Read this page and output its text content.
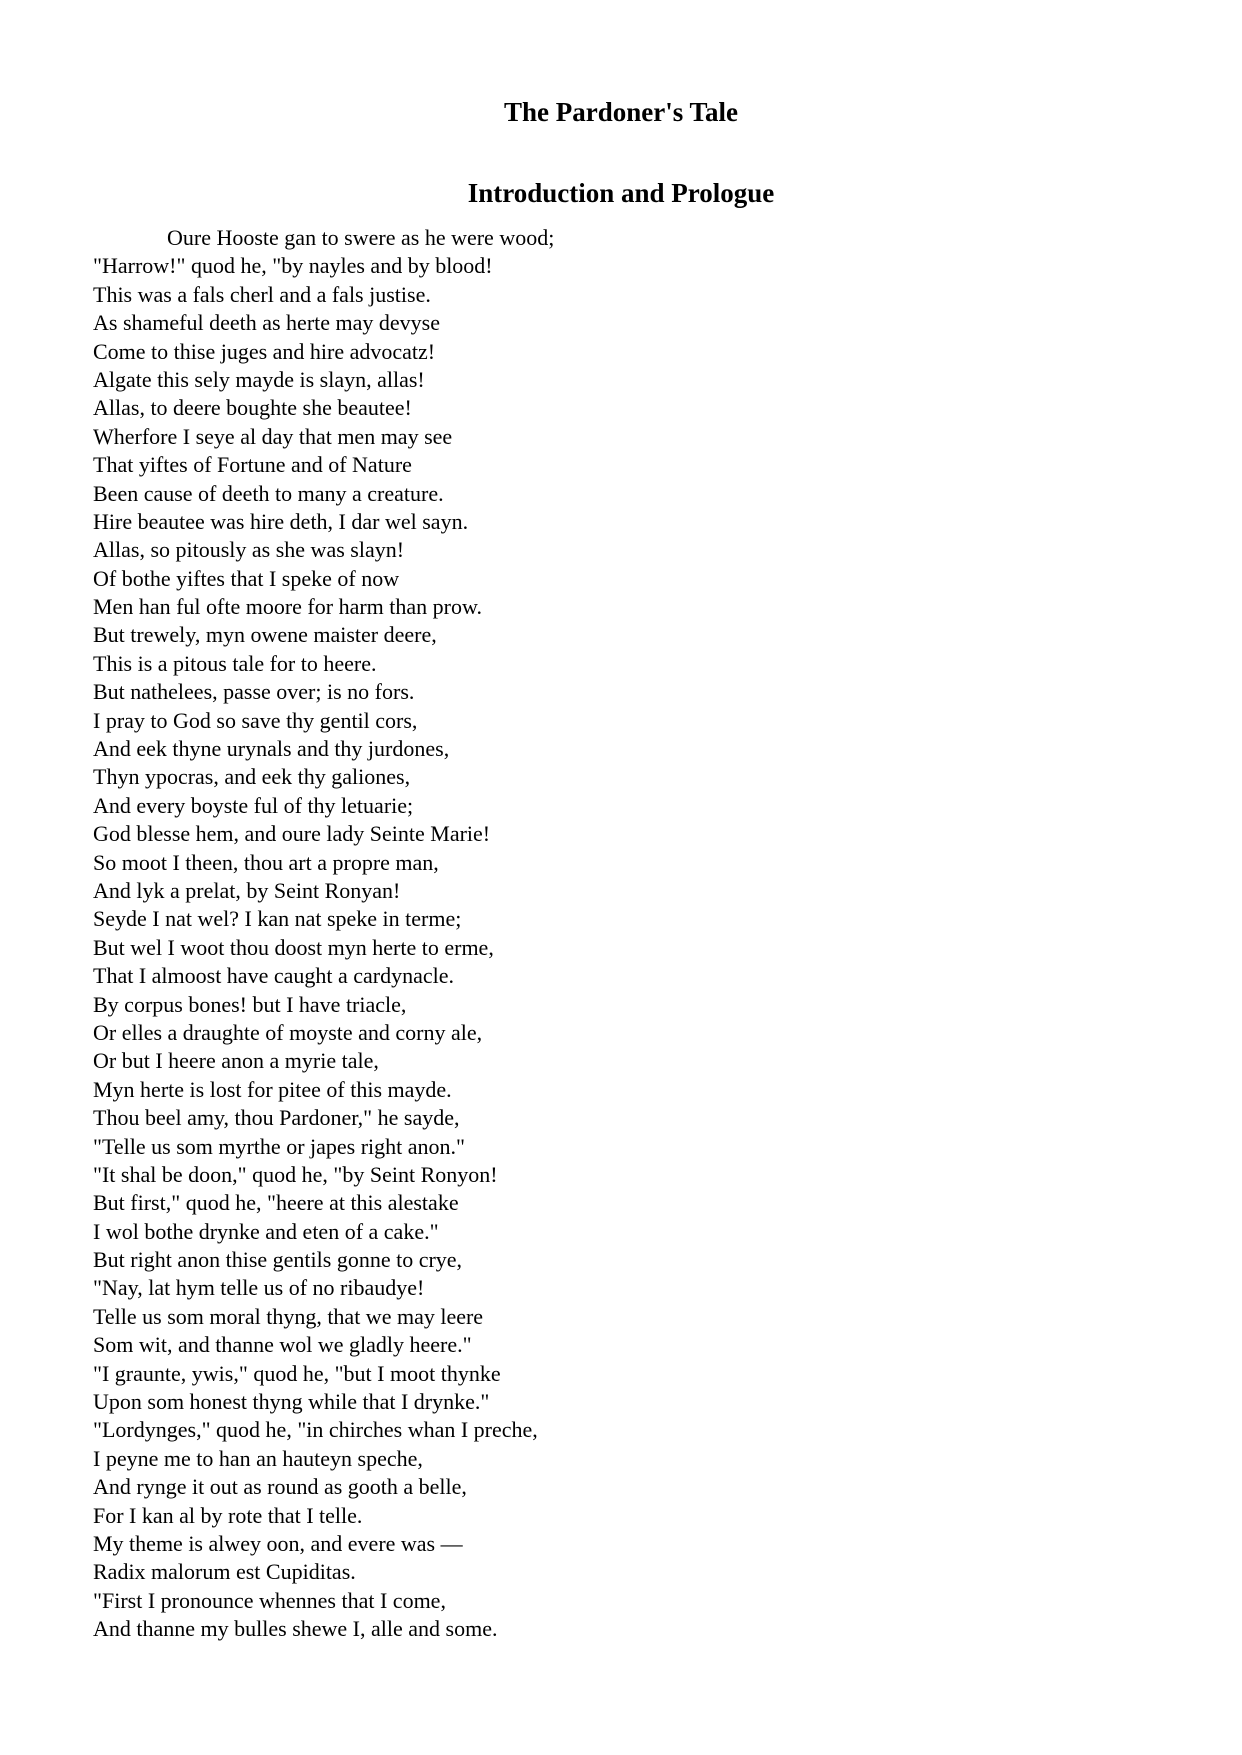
The Pardoner's Tale
Introduction and Prologue
Oure Hooste gan to swere as he were wood;
"Harrow!" quod he, "by nayles and by blood!
This was a fals cherl and a fals justise.
As shameful deeth as herte may devyse
Come to thise juges and hire advocatz!
Algate this sely mayde is slayn, allas!
Allas, to deere boughte she beautee!
Wherfore I seye al day that men may see
That yiftes of Fortune and of Nature
Been cause of deeth to many a creature.
Hire beautee was hire deth, I dar wel sayn.
Allas, so pitously as she was slayn!
Of bothe yiftes that I speke of now
Men han ful ofte moore for harm than prow.
But trewely, myn owene maister deere,
This is a pitous tale for to heere.
But nathelees, passe over; is no fors.
I pray to God so save thy gentil cors,
And eek thyne urynals and thy jurdones,
Thyn ypocras, and eek thy galiones,
And every boyste ful of thy letuarie;
God blesse hem, and oure lady Seinte Marie!
So moot I theen, thou art a propre man,
And lyk a prelat, by Seint Ronyan!
Seyde I nat wel? I kan nat speke in terme;
But wel I woot thou doost myn herte to erme,
That I almoost have caught a cardynacle.
By corpus bones! but I have triacle,
Or elles a draughte of moyste and corny ale,
Or but I heere anon a myrie tale,
Myn herte is lost for pitee of this mayde.
Thou beel amy, thou Pardoner," he sayde,
"Telle us som myrthe or japes right anon."
"It shal be doon," quod he, "by Seint Ronyon!
But first," quod he, "heere at this alestake
I wol bothe drynke and eten of a cake."
But right anon thise gentils gonne to crye,
"Nay, lat hym telle us of no ribaudye!
Telle us som moral thyng, that we may leere
Som wit, and thanne wol we gladly heere."
"I graunte, ywis," quod he, "but I moot thynke
Upon som honest thyng while that I drynke."
"Lordynges," quod he, "in chirches whan I preche,
I peyne me to han an hauteyn speche,
And rynge it out as round as gooth a belle,
For I kan al by rote that I telle.
My theme is alwey oon, and evere was —
Radix malorum est Cupiditas.
"First I pronounce whennes that I come,
And thanne my bulles shewe I, alle and some.
